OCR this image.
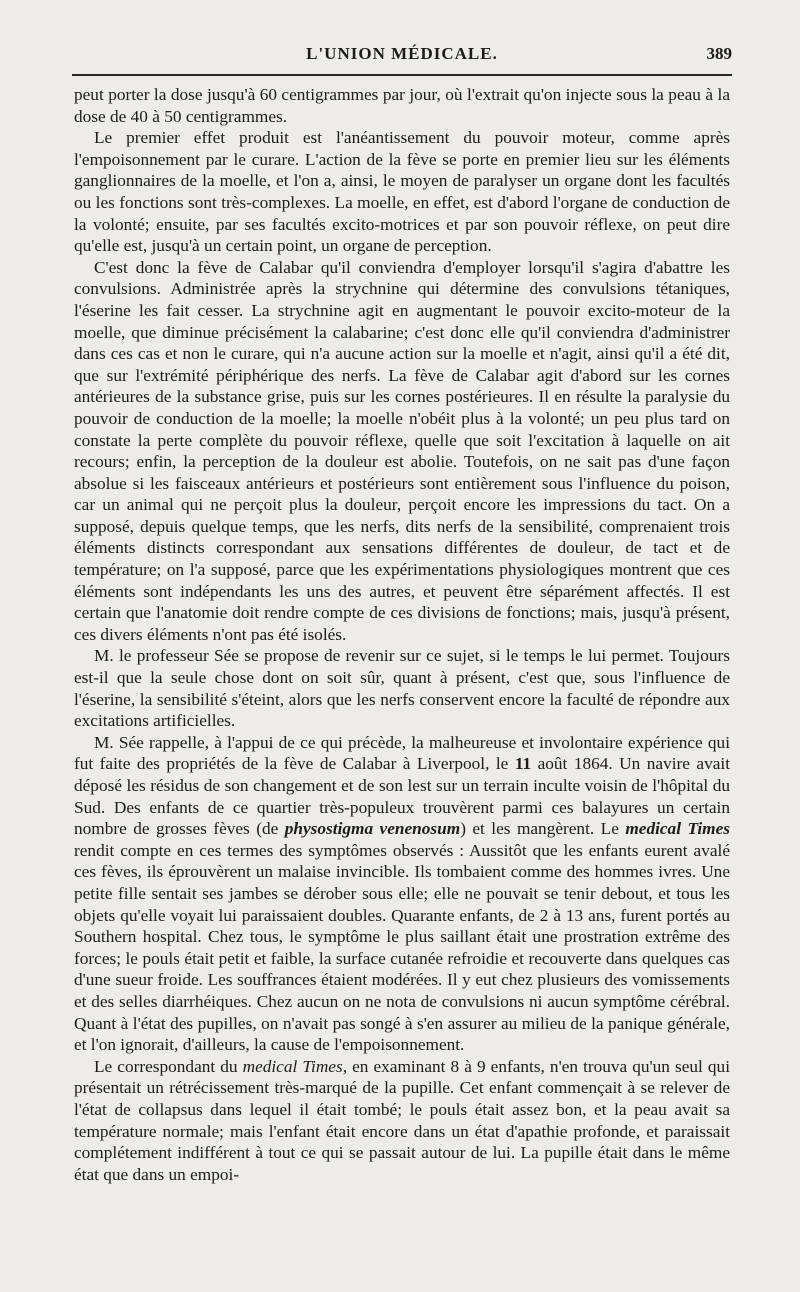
L'UNION MÉDICALE.	389

peut porter la dose jusqu'à 60 centigrammes par jour, où l'extrait qu'on injecte sous la peau à la dose de 40 à 50 centigrammes.

Le premier effet produit est l'anéantissement du pouvoir moteur, comme après l'empoisonnement par le curare. L'action de la fève se porte en premier lieu sur les éléments ganglionnaires de la moelle, et l'on a, ainsi, le moyen de paralyser un organe dont les facultés ou les fonctions sont très-complexes. La moelle, en effet, est d'abord l'organe de conduction de la volonté; ensuite, par ses facultés excito-motrices et par son pouvoir réflexe, on peut dire qu'elle est, jusqu'à un certain point, un organe de perception.

C'est donc la fève de Calabar qu'il conviendra d'employer lorsqu'il s'agira d'abattre les convulsions. Administrée après la strychnine qui détermine des convulsions tétaniques, l'éserine les fait cesser. La strychnine agit en augmentant le pouvoir excito-moteur de la moelle, que diminue précisément la calabarine; c'est donc elle qu'il conviendra d'administrer dans ces cas et non le curare, qui n'a aucune action sur la moelle et n'agit, ainsi qu'il a été dit, que sur l'extrémité périphérique des nerfs. La fève de Calabar agit d'abord sur les cornes antérieures de la substance grise, puis sur les cornes postérieures. Il en résulte la paralysie du pouvoir de conduction de la moelle; la moelle n'obéit plus à la volonté; un peu plus tard on constate la perte complète du pouvoir réflexe, quelle que soit l'excitation à laquelle on ait recours; enfin, la perception de la douleur est abolie. Toutefois, on ne sait pas d'une façon absolue si les faisceaux antérieurs et postérieurs sont entièrement sous l'influence du poison, car un animal qui ne perçoit plus la douleur, perçoit encore les impressions du tact. On a supposé, depuis quelque temps, que les nerfs, dits nerfs de la sensibilité, comprenaient trois éléments distincts correspondant aux sensations différentes de douleur, de tact et de température; on l'a supposé, parce que les expérimentations physiologiques montrent que ces éléments sont indépendants les uns des autres, et peuvent être séparément affectés. Il est certain que l'anatomie doit rendre compte de ces divisions de fonctions; mais, jusqu'à présent, ces divers éléments n'ont pas été isolés.

M. le professeur Sée se propose de revenir sur ce sujet, si le temps le lui permet. Toujours est-il que la seule chose dont on soit sûr, quant à présent, c'est que, sous l'influence de l'éserine, la sensibilité s'éteint, alors que les nerfs conservent encore la faculté de répondre aux excitations artificielles.

M. Sée rappelle, à l'appui de ce qui précède, la malheureuse et involontaire expérience qui fut faite des propriétés de la fève de Calabar à Liverpool, le 11 août 1864. Un navire avait déposé les résidus de son changement et de son lest sur un terrain inculte voisin de l'hôpital du Sud. Des enfants de ce quartier très-populeux trouvèrent parmi ces balayures un certain nombre de grosses fèves (de physostigma venenosum) et les mangèrent. Le medical Times rendit compte en ces termes des symptômes observés : Aussitôt que les enfants eurent avalé ces fèves, ils éprouvèrent un malaise invincible. Ils tombaient comme des hommes ivres. Une petite fille sentait ses jambes se dérober sous elle; elle ne pouvait se tenir debout, et tous les objets qu'elle voyait lui paraissaient doubles. Quarante enfants, de 2 à 13 ans, furent portés au Southern hospital. Chez tous, le symptôme le plus saillant était une prostration extrême des forces; le pouls était petit et faible, la surface cutanée refroidie et recouverte dans quelques cas d'une sueur froide. Les souffrances étaient modérées. Il y eut chez plusieurs des vomissements et des selles diarrhéiques. Chez aucun on ne nota de convulsions ni aucun symptôme cérébral. Quant à l'état des pupilles, on n'avait pas songé à s'en assurer au milieu de la panique générale, et l'on ignorait, d'ailleurs, la cause de l'empoisonnement.

Le correspondant du medical Times, en examinant 8 à 9 enfants, n'en trouva qu'un seul qui présentait un rétrécissement très-marqué de la pupille. Cet enfant commençait à se relever de l'état de collapsus dans lequel il était tombé; le pouls était assez bon, et la peau avait sa température normale; mais l'enfant était encore dans un état d'apathie profonde, et paraissait complétement indifférent à tout ce qui se passait autour de lui. La pupille était dans le même état que dans un empoi-
